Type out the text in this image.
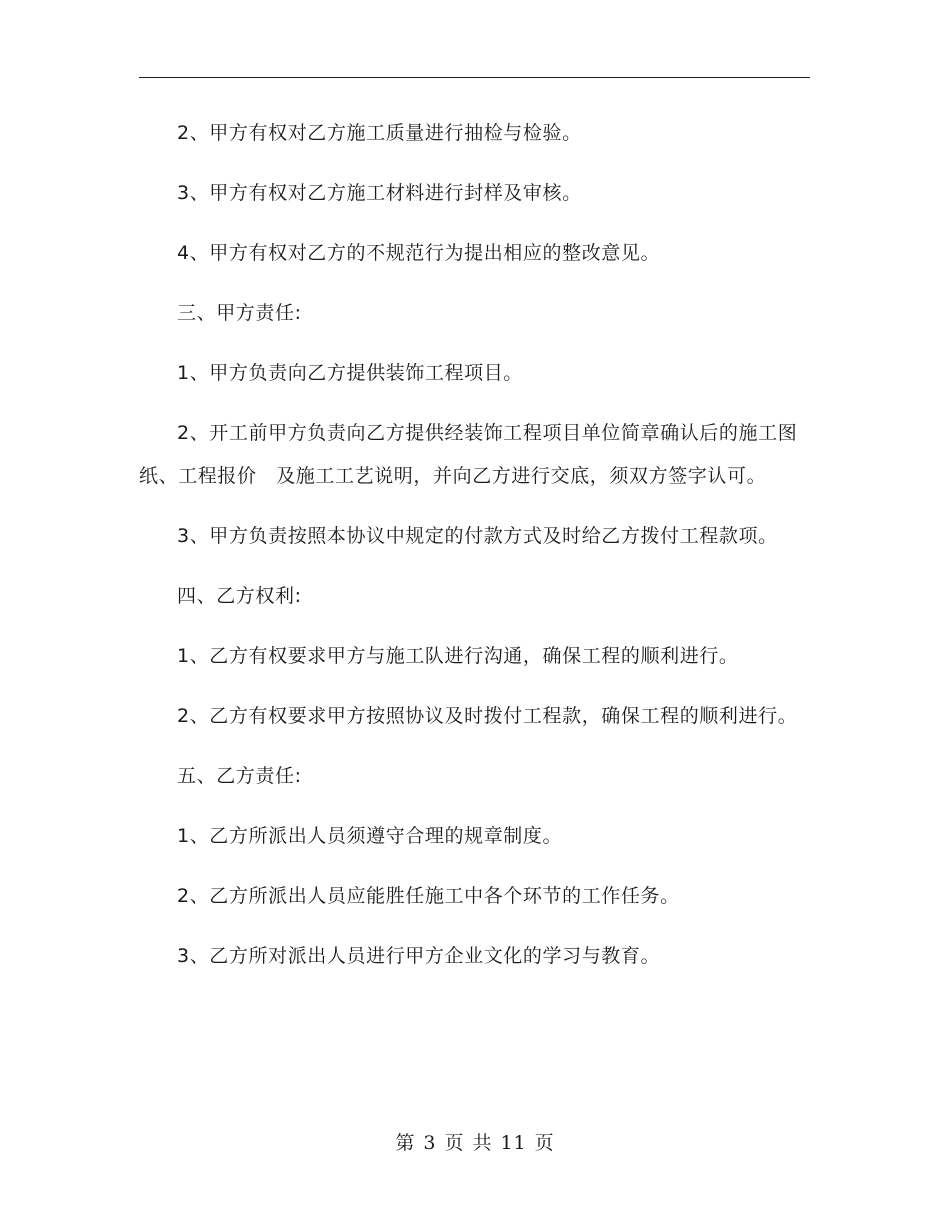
2、甲方有权对乙方施工质量进行抽检与检验。

3、甲方有权对乙方施工材料进行封样及审核。

4、甲方有权对乙方的不规范行为提出相应的整改意见。

三、甲方责任:

1、甲方负责向乙方提供装饰工程项目。

2、开工前甲方负责向乙方提供经装饰工程项目单位简章确认后的施工图纸、工程报价　及施工工艺说明，并向乙方进行交底，须双方签字认可。

3、甲方负责按照本协议中规定的付款方式及时给乙方拨付工程款项。

四、乙方权利:

1、乙方有权要求甲方与施工队进行沟通，确保工程的顺利进行。

2、乙方有权要求甲方按照协议及时拨付工程款，确保工程的顺利进行。

五、乙方责任:

1、乙方所派出人员须遵守合理的规章制度。

2、乙方所派出人员应能胜任施工中各个环节的工作任务。

3、乙方所对派出人员进行甲方企业文化的学习与教育。

第 3 页 共 11 页
